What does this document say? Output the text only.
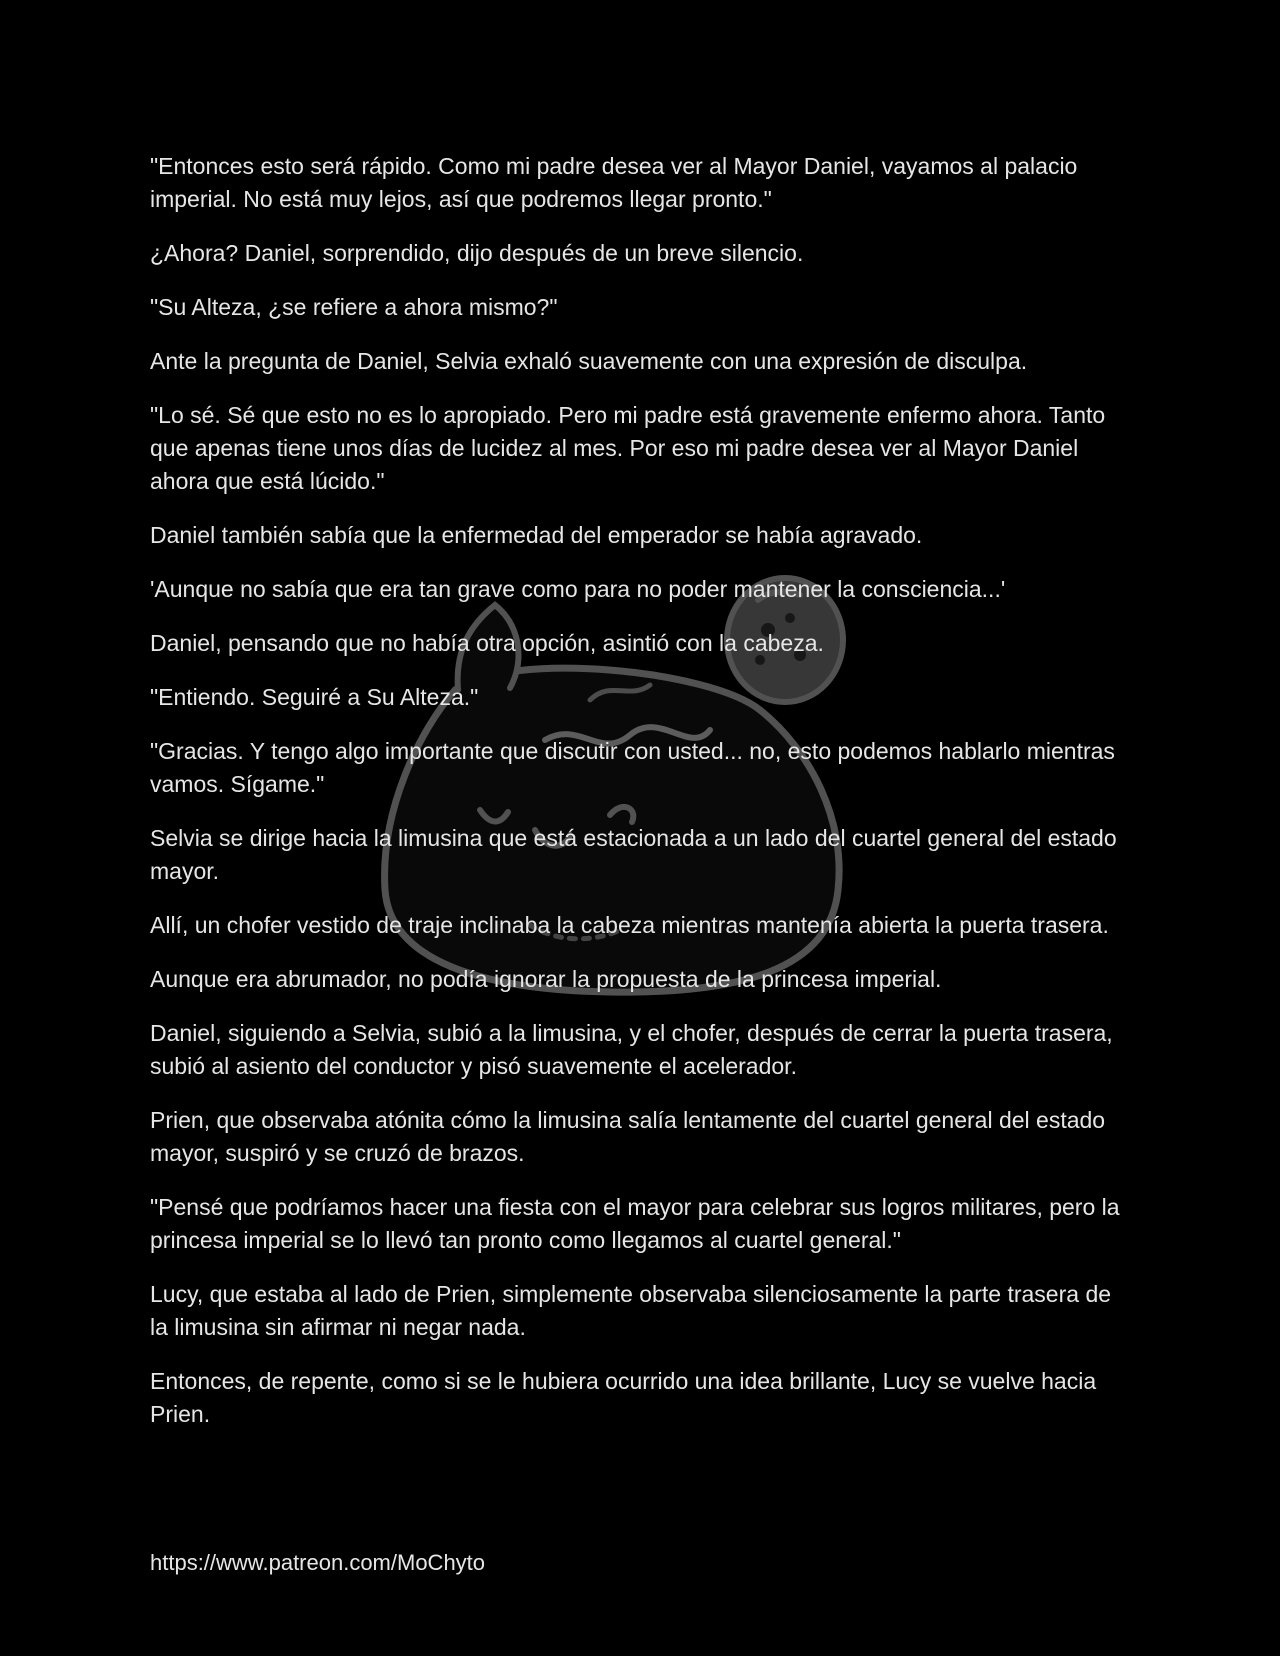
"Entonces esto será rápido. Como mi padre desea ver al Mayor Daniel, vayamos al palacio imperial. No está muy lejos, así que podremos llegar pronto."

¿Ahora? Daniel, sorprendido, dijo después de un breve silencio.

"Su Alteza, ¿se refiere a ahora mismo?"

Ante la pregunta de Daniel, Selvia exhaló suavemente con una expresión de disculpa.

"Lo sé. Sé que esto no es lo apropiado. Pero mi padre está gravemente enfermo ahora. Tanto que apenas tiene unos días de lucidez al mes. Por eso mi padre desea ver al Mayor Daniel ahora que está lúcido."

Daniel también sabía que la enfermedad del emperador se había agravado.

'Aunque no sabía que era tan grave como para no poder mantener la consciencia...'

Daniel, pensando que no había otra opción, asintió con la cabeza.

"Entiendo. Seguiré a Su Alteza."

"Gracias. Y tengo algo importante que discutir con usted... no, esto podemos hablarlo mientras vamos. Sígame."

Selvia se dirige hacia la limusina que está estacionada a un lado del cuartel general del estado mayor.

Allí, un chofer vestido de traje inclinaba la cabeza mientras mantenía abierta la puerta trasera.

Aunque era abrumador, no podía ignorar la propuesta de la princesa imperial.

Daniel, siguiendo a Selvia, subió a la limusina, y el chofer, después de cerrar la puerta trasera, subió al asiento del conductor y pisó suavemente el acelerador.

Prien, que observaba atónita cómo la limusina salía lentamente del cuartel general del estado mayor, suspiró y se cruzó de brazos.

"Pensé que podríamos hacer una fiesta con el mayor para celebrar sus logros militares, pero la princesa imperial se lo llevó tan pronto como llegamos al cuartel general."

Lucy, que estaba al lado de Prien, simplemente observaba silenciosamente la parte trasera de la limusina sin afirmar ni negar nada.

Entonces, de repente, como si se le hubiera ocurrido una idea brillante, Lucy se vuelve hacia Prien.

https://www.patreon.com/MoChyto
